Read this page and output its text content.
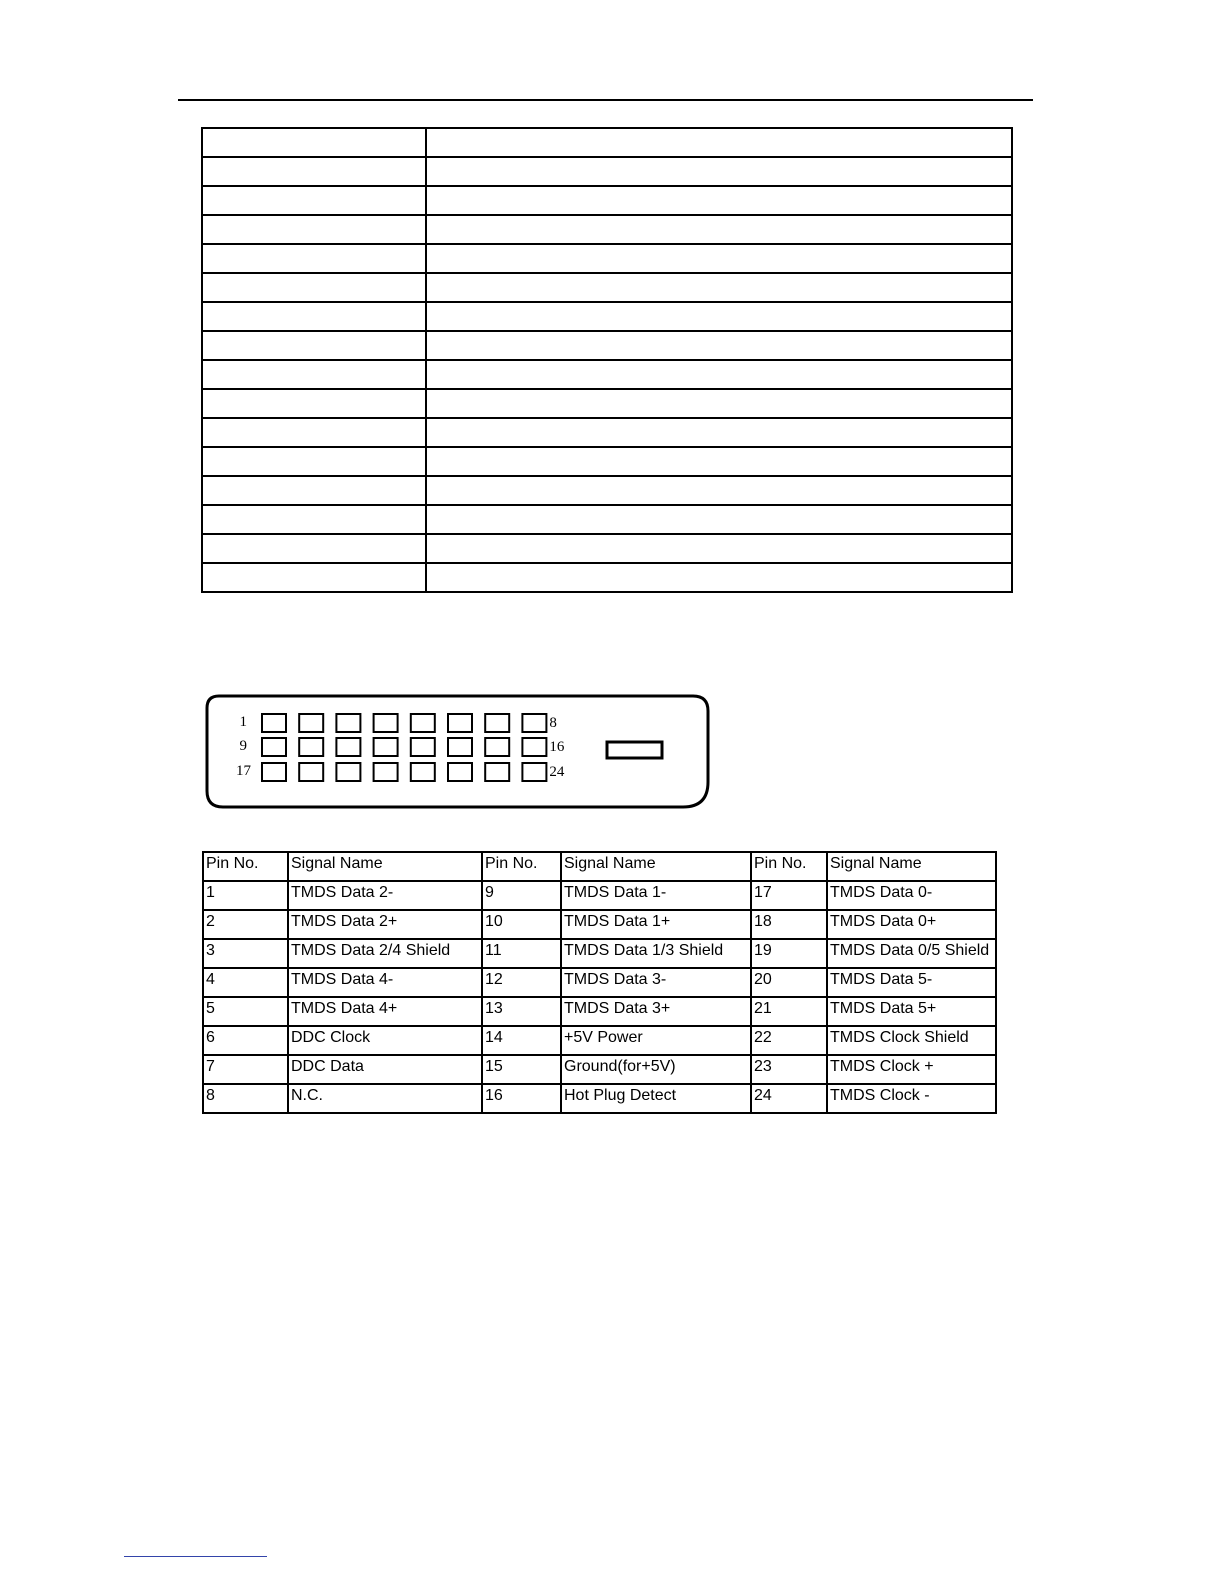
1	8
9	16
17	24
Pin No.	Signal Name	Pin No.	Signal Name	Pin No.	Signal Name
1	TMDS Data 2-	9	TMDS Data 1-	17	TMDS Data 0-
2	TMDS Data 2+	10	TMDS Data 1+	18	TMDS Data 0+
3	TMDS Data 2/4 Shield	11	TMDS Data 1/3 Shield	19	TMDS Data 0/5 Shield
4	TMDS Data 4-	12	TMDS Data 3-	20	TMDS Data 5-
5	TMDS Data 4+	13	TMDS Data 3+	21	TMDS Data 5+
6	DDC Clock	14	+5V Power	22	TMDS Clock Shield
7	DDC Data	15	Ground(for+5V)	23	TMDS Clock +
8	N.C.	16	Hot Plug Detect	24	TMDS Clock -
